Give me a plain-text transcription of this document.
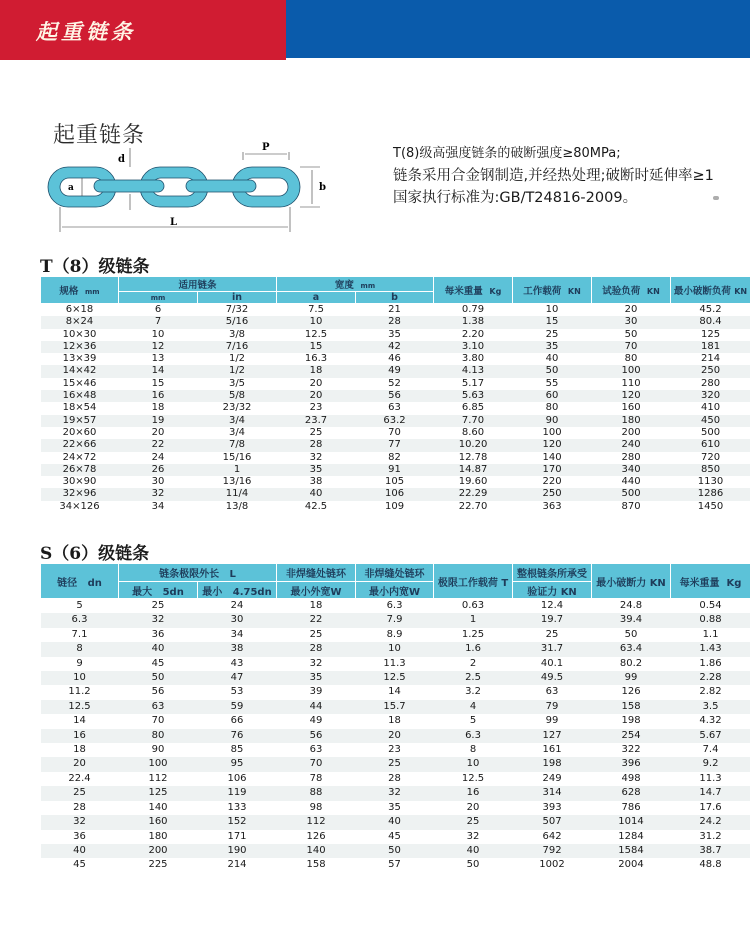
起重链条
起重链条
d
a
P
b
L
T(8)级高强度链条的破断强度≥80MPa;
链条采用合金钢制造,并经热处理;破断时延伸率≥1
国家执行标准为:GB/T24816-2009。
T（8）级链条
规格 mm	适用链条		宽度 mm		每米重量 Kg	工作载荷 KN	试验负荷 KN	最小破断负荷 KN
	mm	in	a	b				
6×18	6	7/32	7.5	21	0.79	10	20	45.2
8×24	7	5/16	10	28	1.38	15	30	80.4
10×30	10	3/8	12.5	35	2.20	25	50	125
12×36	12	7/16	15	42	3.10	35	70	181
13×39	13	1/2	16.3	46	3.80	40	80	214
14×42	14	1/2	18	49	4.13	50	100	250
15×46	15	3/5	20	52	5.17	55	110	280
16×48	16	5/8	20	56	5.63	60	120	320
18×54	18	23/32	23	63	6.85	80	160	410
19×57	19	3/4	23.7	63.2	7.70	90	180	450
20×60	20	3/4	25	70	8.60	100	200	500
22×66	22	7/8	28	77	10.20	120	240	610
24×72	24	15/16	32	82	12.78	140	280	720
26×78	26	1	35	91	14.87	170	340	850
30×90	30	13/16	38	105	19.60	220	440	1130
32×96	32	11/4	40	106	22.29	250	500	1286
34×126	34	13/8	42.5	109	22.70	363	870	1450
S（6）级链条
链径 dn	链条极限外长 L		非焊缝处链环	非焊缝处链环	极限工作载荷 T	整根链条所承受	最小破断力 KN	每米重量 Kg
	最大 5dn	最小 4.75dn	最小外宽W	最小内宽W		验证力 KN		
5	25	24	18	6.3	0.63	12.4	24.8	0.54
6.3	32	30	22	7.9	1	19.7	39.4	0.88
7.1	36	34	25	8.9	1.25	25	50	1.1
8	40	38	28	10	1.6	31.7	63.4	1.43
9	45	43	32	11.3	2	40.1	80.2	1.86
10	50	47	35	12.5	2.5	49.5	99	2.28
11.2	56	53	39	14	3.2	63	126	2.82
12.5	63	59	44	15.7	4	79	158	3.5
14	70	66	49	18	5	99	198	4.32
16	80	76	56	20	6.3	127	254	5.67
18	90	85	63	23	8	161	322	7.4
20	100	95	70	25	10	198	396	9.2
22.4	112	106	78	28	12.5	249	498	11.3
25	125	119	88	32	16	314	628	14.7
28	140	133	98	35	20	393	786	17.6
32	160	152	112	40	25	507	1014	24.2
36	180	171	126	45	32	642	1284	31.2
40	200	190	140	50	40	792	1584	38.7
45	225	214	158	57	50	1002	2004	48.8
